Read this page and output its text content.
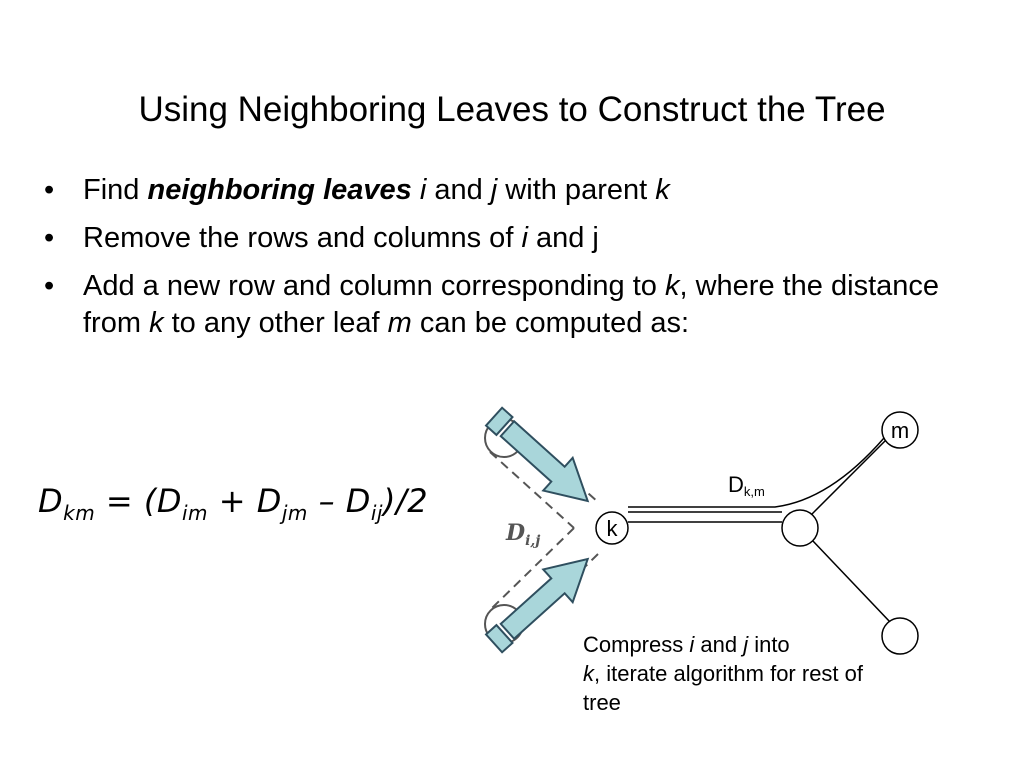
Using Neighboring Leaves to Construct the Tree
• Find neighboring leaves i and j with parent k
• Remove the rows and columns of i and j
• Add a new row and column corresponding to k, where the distance from k to any other leaf m can be computed as:
$D_{km} = (D_{im} + D_{jm} - D_{ij})/2$
k
m
Dk,m
$D_{i,j}$
Compress i and j into
k, iterate algorithm for rest of tree
